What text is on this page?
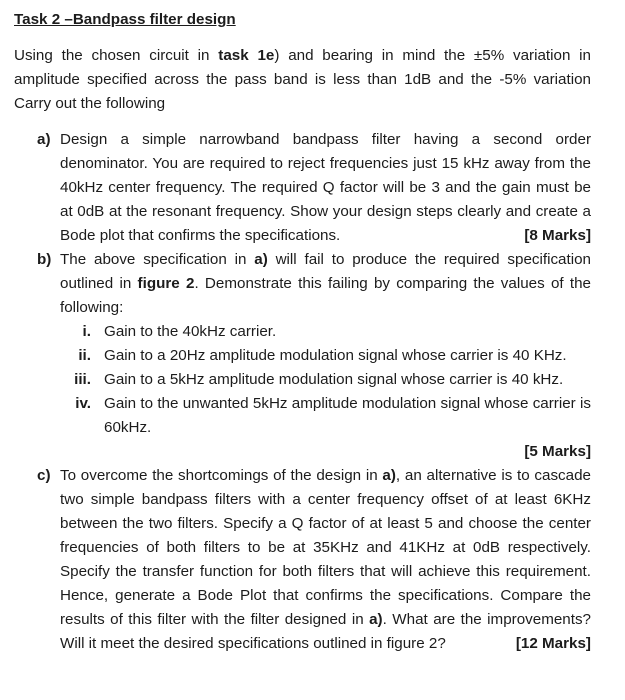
Task 2 –Bandpass filter design

Using the chosen circuit in task 1e) and bearing in mind the ±5% variation in amplitude specified across the pass band is less than 1dB and the -5% variation Carry out the following

a) Design a simple narrowband bandpass filter having a second order denominator. You are required to reject frequencies just 15 kHz away from the 40kHz center frequency. The required Q factor will be 3 and the gain must be at 0dB at the resonant frequency. Show your design steps clearly and create a Bode plot that confirms the specifications.	[8 Marks]
b) The above specification in a) will fail to produce the required specification outlined in figure 2. Demonstrate this failing by comparing the values of the following:
i. Gain to the 40kHz carrier.
ii. Gain to a 20Hz amplitude modulation signal whose carrier is 40 KHz.
iii. Gain to a 5kHz amplitude modulation signal whose carrier is 40 kHz.
iv. Gain to the unwanted 5kHz amplitude modulation signal whose carrier is 60kHz.
[5 Marks]
c) To overcome the shortcomings of the design in a), an alternative is to cascade two simple bandpass filters with a center frequency offset of at least 6KHz between the two filters. Specify a Q factor of at least 5 and choose the center frequencies of both filters to be at 35KHz and 41KHz at 0dB respectively. Specify the transfer function for both filters that will achieve this requirement. Hence, generate a Bode Plot that confirms the specifications. Compare the results of this filter with the filter designed in a). What are the improvements? Will it meet the desired specifications outlined in figure 2?	[12 Marks]
